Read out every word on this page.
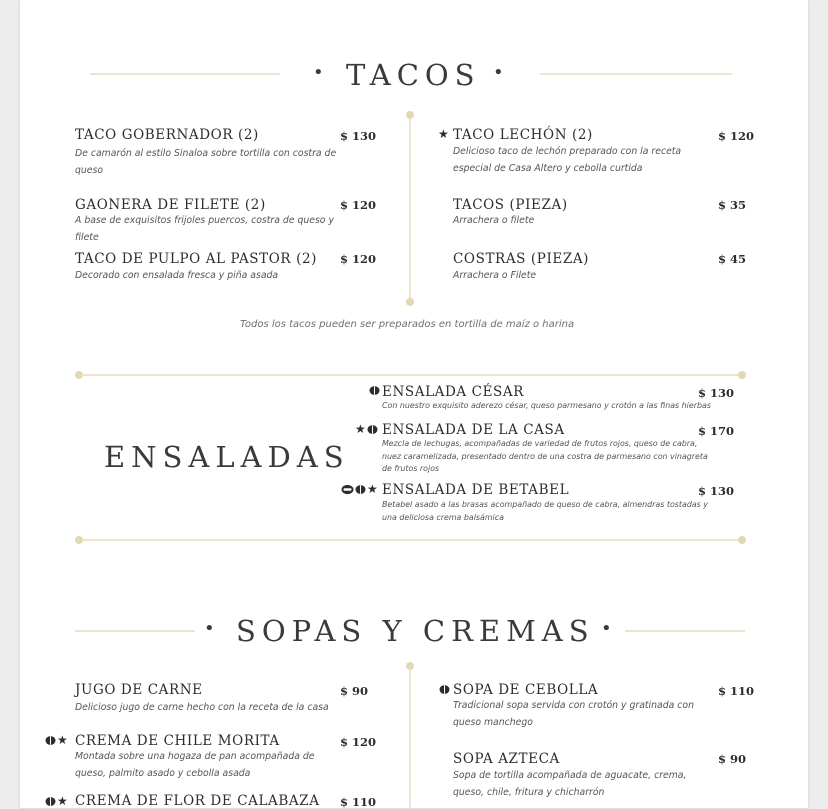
• TACOS •
TACO GOBERNADOR (2)	$ 130
De camarón al estilo Sinaloa sobre tortilla con costra de
queso
GAONERA DE FILETE (2)	$ 120
A base de exquisitos frijoles puercos, costra de queso y
filete
TACO DE PULPO AL PASTOR (2) $ 120
Decorado con ensalada fresca y piña asada
★ TACO LECHÓN (2)	$ 120
Delicioso taco de lechón preparado con la receta
especial de Casa Altero y cebolla curtida
TACOS (PIEZA)	$ 35
Arrachera o filete
COSTRAS (PIEZA)	$ 45
Arrachera o Filete
Todos los tacos pueden ser preparados en tortilla de maíz o harina
ENSALADAS
ENSALADA CÉSAR	$ 130
Con nuestro exquisito aderezo césar, queso parmesano y crotón a las finas hierbas
★ ENSALADA DE LA CASA	$ 170
Mezcla de lechugas, acompañadas de variedad de frutos rojos, queso de cabra,
nuez caramelizada, presentado dentro de una costra de parmesano con vinagreta
de frutos rojos
★ ENSALADA DE BETABEL	$ 130
Betabel asado a las brasas acompañado de queso de cabra, almendras tostadas y
una deliciosa crema balsámica
• SOPAS Y CREMAS •
JUGO DE CARNE	$ 90
Delicioso jugo de carne hecho con la receta de la casa
★ CREMA DE CHILE MORITA	$ 120
Montada sobre una hogaza de pan acompañada de
queso, palmito asado y cebolla asada
★ CREMA DE FLOR DE CALABAZA $ 110
SOPA DE CEBOLLA	$ 110
Tradicional sopa servida con crotón y gratinada con
queso manchego
SOPA AZTECA	$ 90
Sopa de tortilla acompañada de aguacate, crema,
queso, chile, fritura y chicharrón
